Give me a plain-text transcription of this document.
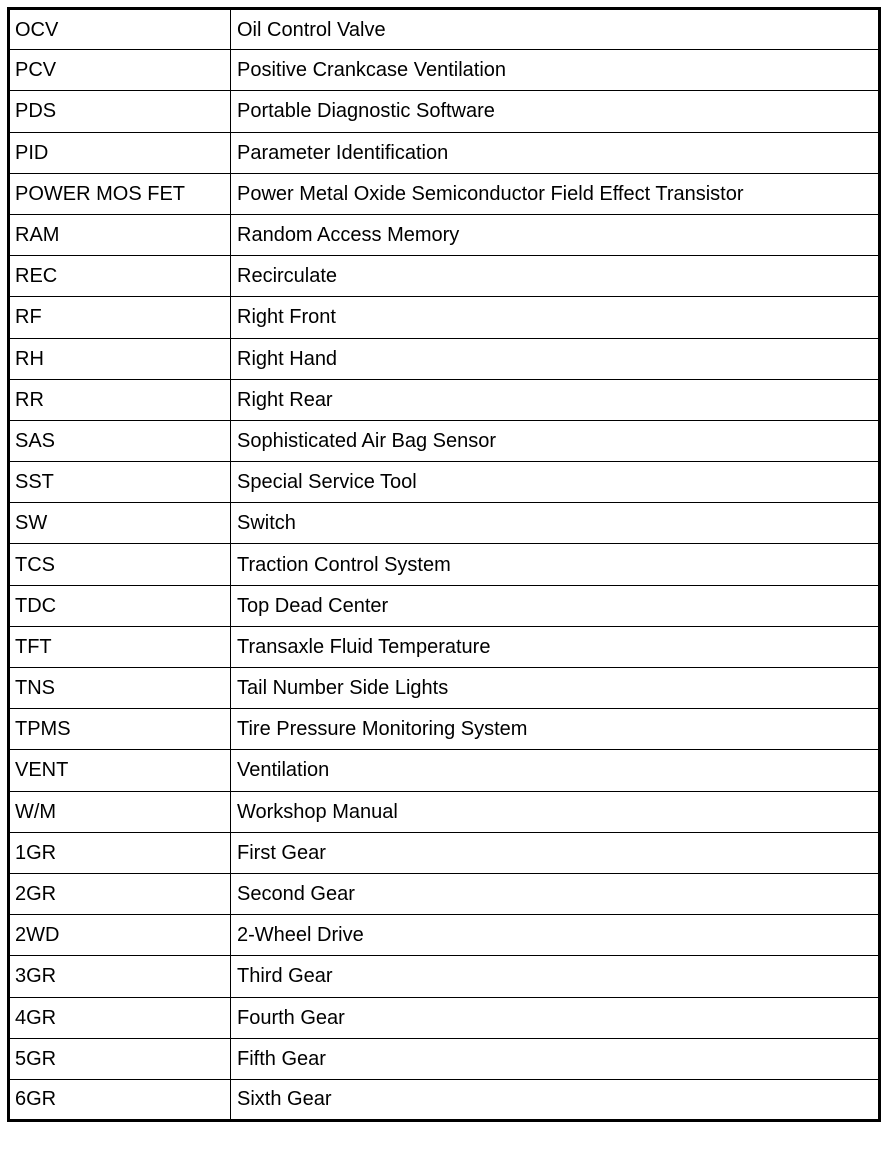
OCV	Oil Control Valve
PCV	Positive Crankcase Ventilation
PDS	Portable Diagnostic Software
PID	Parameter Identification
POWER MOS FET	Power Metal Oxide Semiconductor Field Effect Transistor
RAM	Random Access Memory
REC	Recirculate
RF	Right Front
RH	Right Hand
RR	Right Rear
SAS	Sophisticated Air Bag Sensor
SST	Special Service Tool
SW	Switch
TCS	Traction Control System
TDC	Top Dead Center
TFT	Transaxle Fluid Temperature
TNS	Tail Number Side Lights
TPMS	Tire Pressure Monitoring System
VENT	Ventilation
W/M	Workshop Manual
1GR	First Gear
2GR	Second Gear
2WD	2-Wheel Drive
3GR	Third Gear
4GR	Fourth Gear
5GR	Fifth Gear
6GR	Sixth Gear
